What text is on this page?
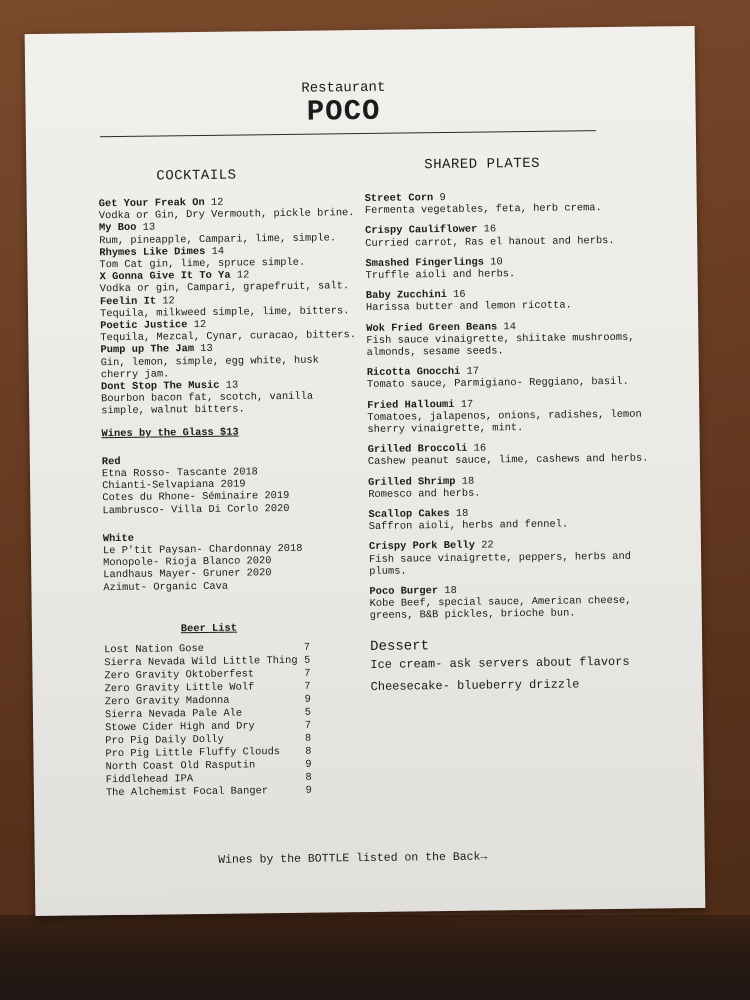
Restaurant
POCO
COCKTAILS
SHARED PLATES
Get Your Freak On 12
Vodka or Gin, Dry Vermouth, pickle brine.
My Boo 13
Rum, pineapple, Campari, lime, simple.
Rhymes Like Dimes 14
Tom Cat gin, lime, spruce simple.
X Gonna Give It To Ya 12
Vodka or gin, Campari, grapefruit, salt.
Feelin It 12
Tequila, milkweed simple, lime, bitters.
Poetic Justice 12
Tequila, Mezcal, Cynar, curacao, bitters.
Pump up The Jam 13
Gin, lemon, simple, egg white, husk cherry jam.
Dont Stop The Music 13
Bourbon bacon fat, scotch, vanilla simple, walnut bitters.
Wines by the Glass $13
Red
Etna Rosso- Tascante 2018
Chianti-Selvapiana 2019
Cotes du Rhone- Séminaire 2019
Lambrusco- Villa Di Corlo 2020
White
Le P'tit Paysan- Chardonnay 2018
Monopole- Rioja Blanco 2020
Landhaus Mayer- Gruner 2020
Azimut- Organic Cava
Beer List
Lost Nation Gose	7
Sierra Nevada Wild Little Thing 5
Zero Gravity Oktoberfest	7
Zero Gravity Little Wolf	7
Zero Gravity Madonna	9
Sierra Nevada Pale Ale	5
Stowe Cider High and Dry	7
Pro Pig Daily Dolly	8
Pro Pig Little Fluffy Clouds 8
North Coast Old Rasputin	9
Fiddlehead IPA	8
The Alchemist Focal Banger	9
Street Corn 9
Fermenta vegetables, feta, herb crema.
Crispy Cauliflower 16
Curried carrot, Ras el hanout and herbs.
Smashed Fingerlings 10
Truffle aioli and herbs.
Baby Zucchini 16
Harissa butter and lemon ricotta.
Wok Fried Green Beans 14
Fish sauce vinaigrette, shiitake mushrooms, almonds, sesame seeds.
Ricotta Gnocchi 17
Tomato sauce, Parmigiano- Reggiano, basil.
Fried Halloumi 17
Tomatoes, jalapenos, onions, radishes, lemon sherry vinaigrette, mint.
Grilled Broccoli 16
Cashew peanut sauce, lime, cashews and herbs.
Grilled Shrimp 18
Romesco and herbs.
Scallop Cakes 18
Saffron aioli, herbs and fennel.
Crispy Pork Belly 22
Fish sauce vinaigrette, peppers, herbs and plums.
Poco Burger 18
Kobe Beef, special sauce, American cheese, greens, B&B pickles, brioche bun.
Dessert
Ice cream- ask servers about flavors
Cheesecake- blueberry drizzle
Wines by the BOTTLE listed on the Back→
